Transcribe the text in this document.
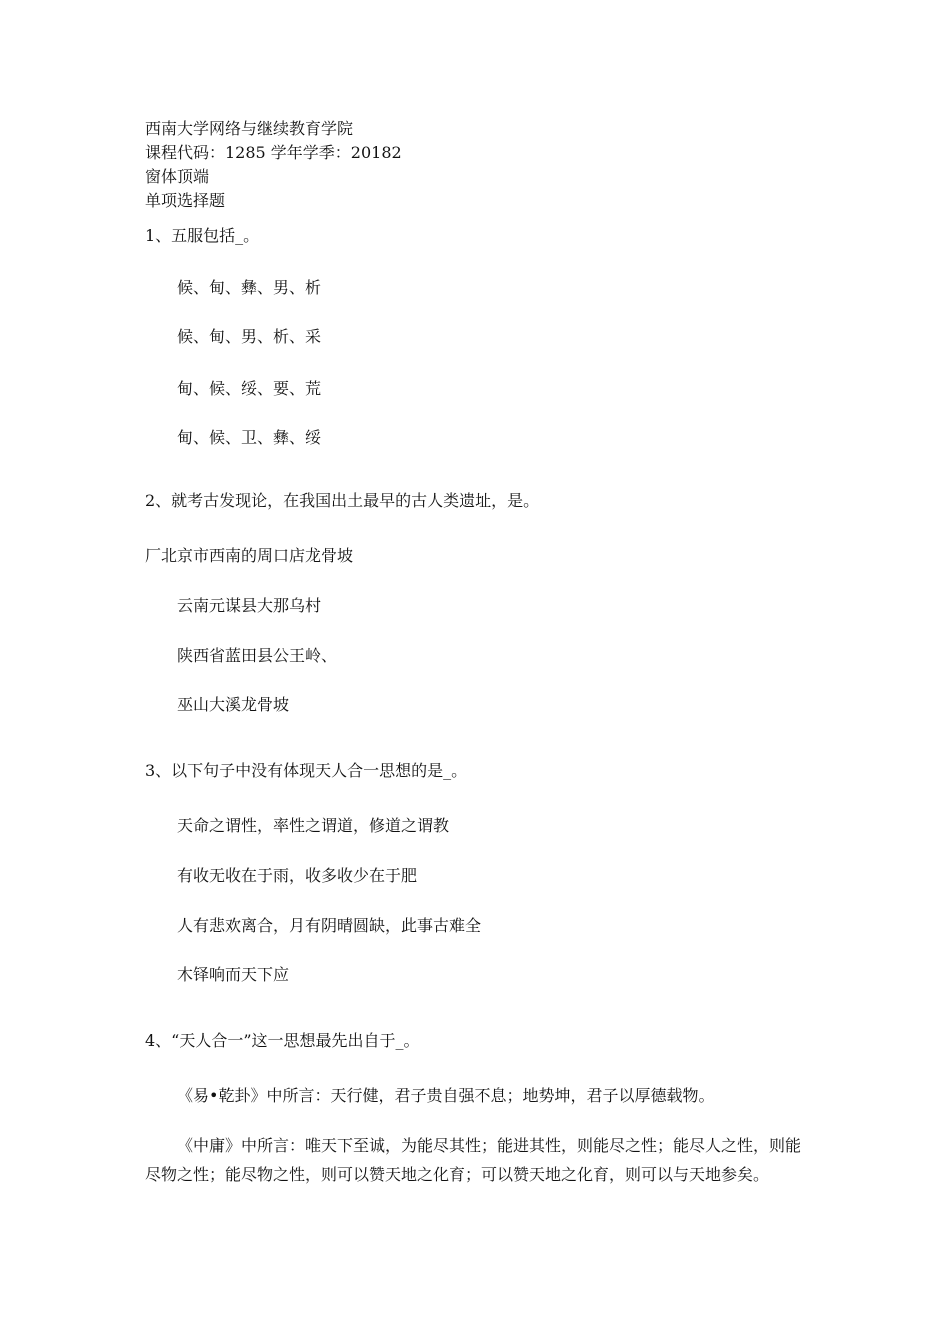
西南大学网络与继续教育学院
课程代码：1285 学年学季：20182
窗体顶端
单项选择题
1、五服包括_。
候、甸、彝、男、析
候、甸、男、析、采
甸、候、绥、要、荒
甸、候、卫、彝、绥
2、就考古发现论，在我国出土最早的古人类遗址，是。
厂北京市西南的周口店龙骨坡
云南元谋县大那乌村
陕西省蓝田县公王岭、
巫山大溪龙骨坡
3、以下句子中没有体现天人合一思想的是_。
天命之谓性，率性之谓道，修道之谓教
有收无收在于雨，收多收少在于肥
人有悲欢离合，月有阴晴圆缺，此事古难全
木铎响而天下应
4、“天人合一”这一思想最先出自于_。
《易•乾卦》中所言：天行健，君子贵自强不息；地势坤，君子以厚德载物。
《中庸》中所言：唯天下至诚，为能尽其性；能进其性，则能尽之性；能尽人之性，则能尽物之性；能尽物之性，则可以赞天地之化育；可以赞天地之化育，则可以与天地参矣。
